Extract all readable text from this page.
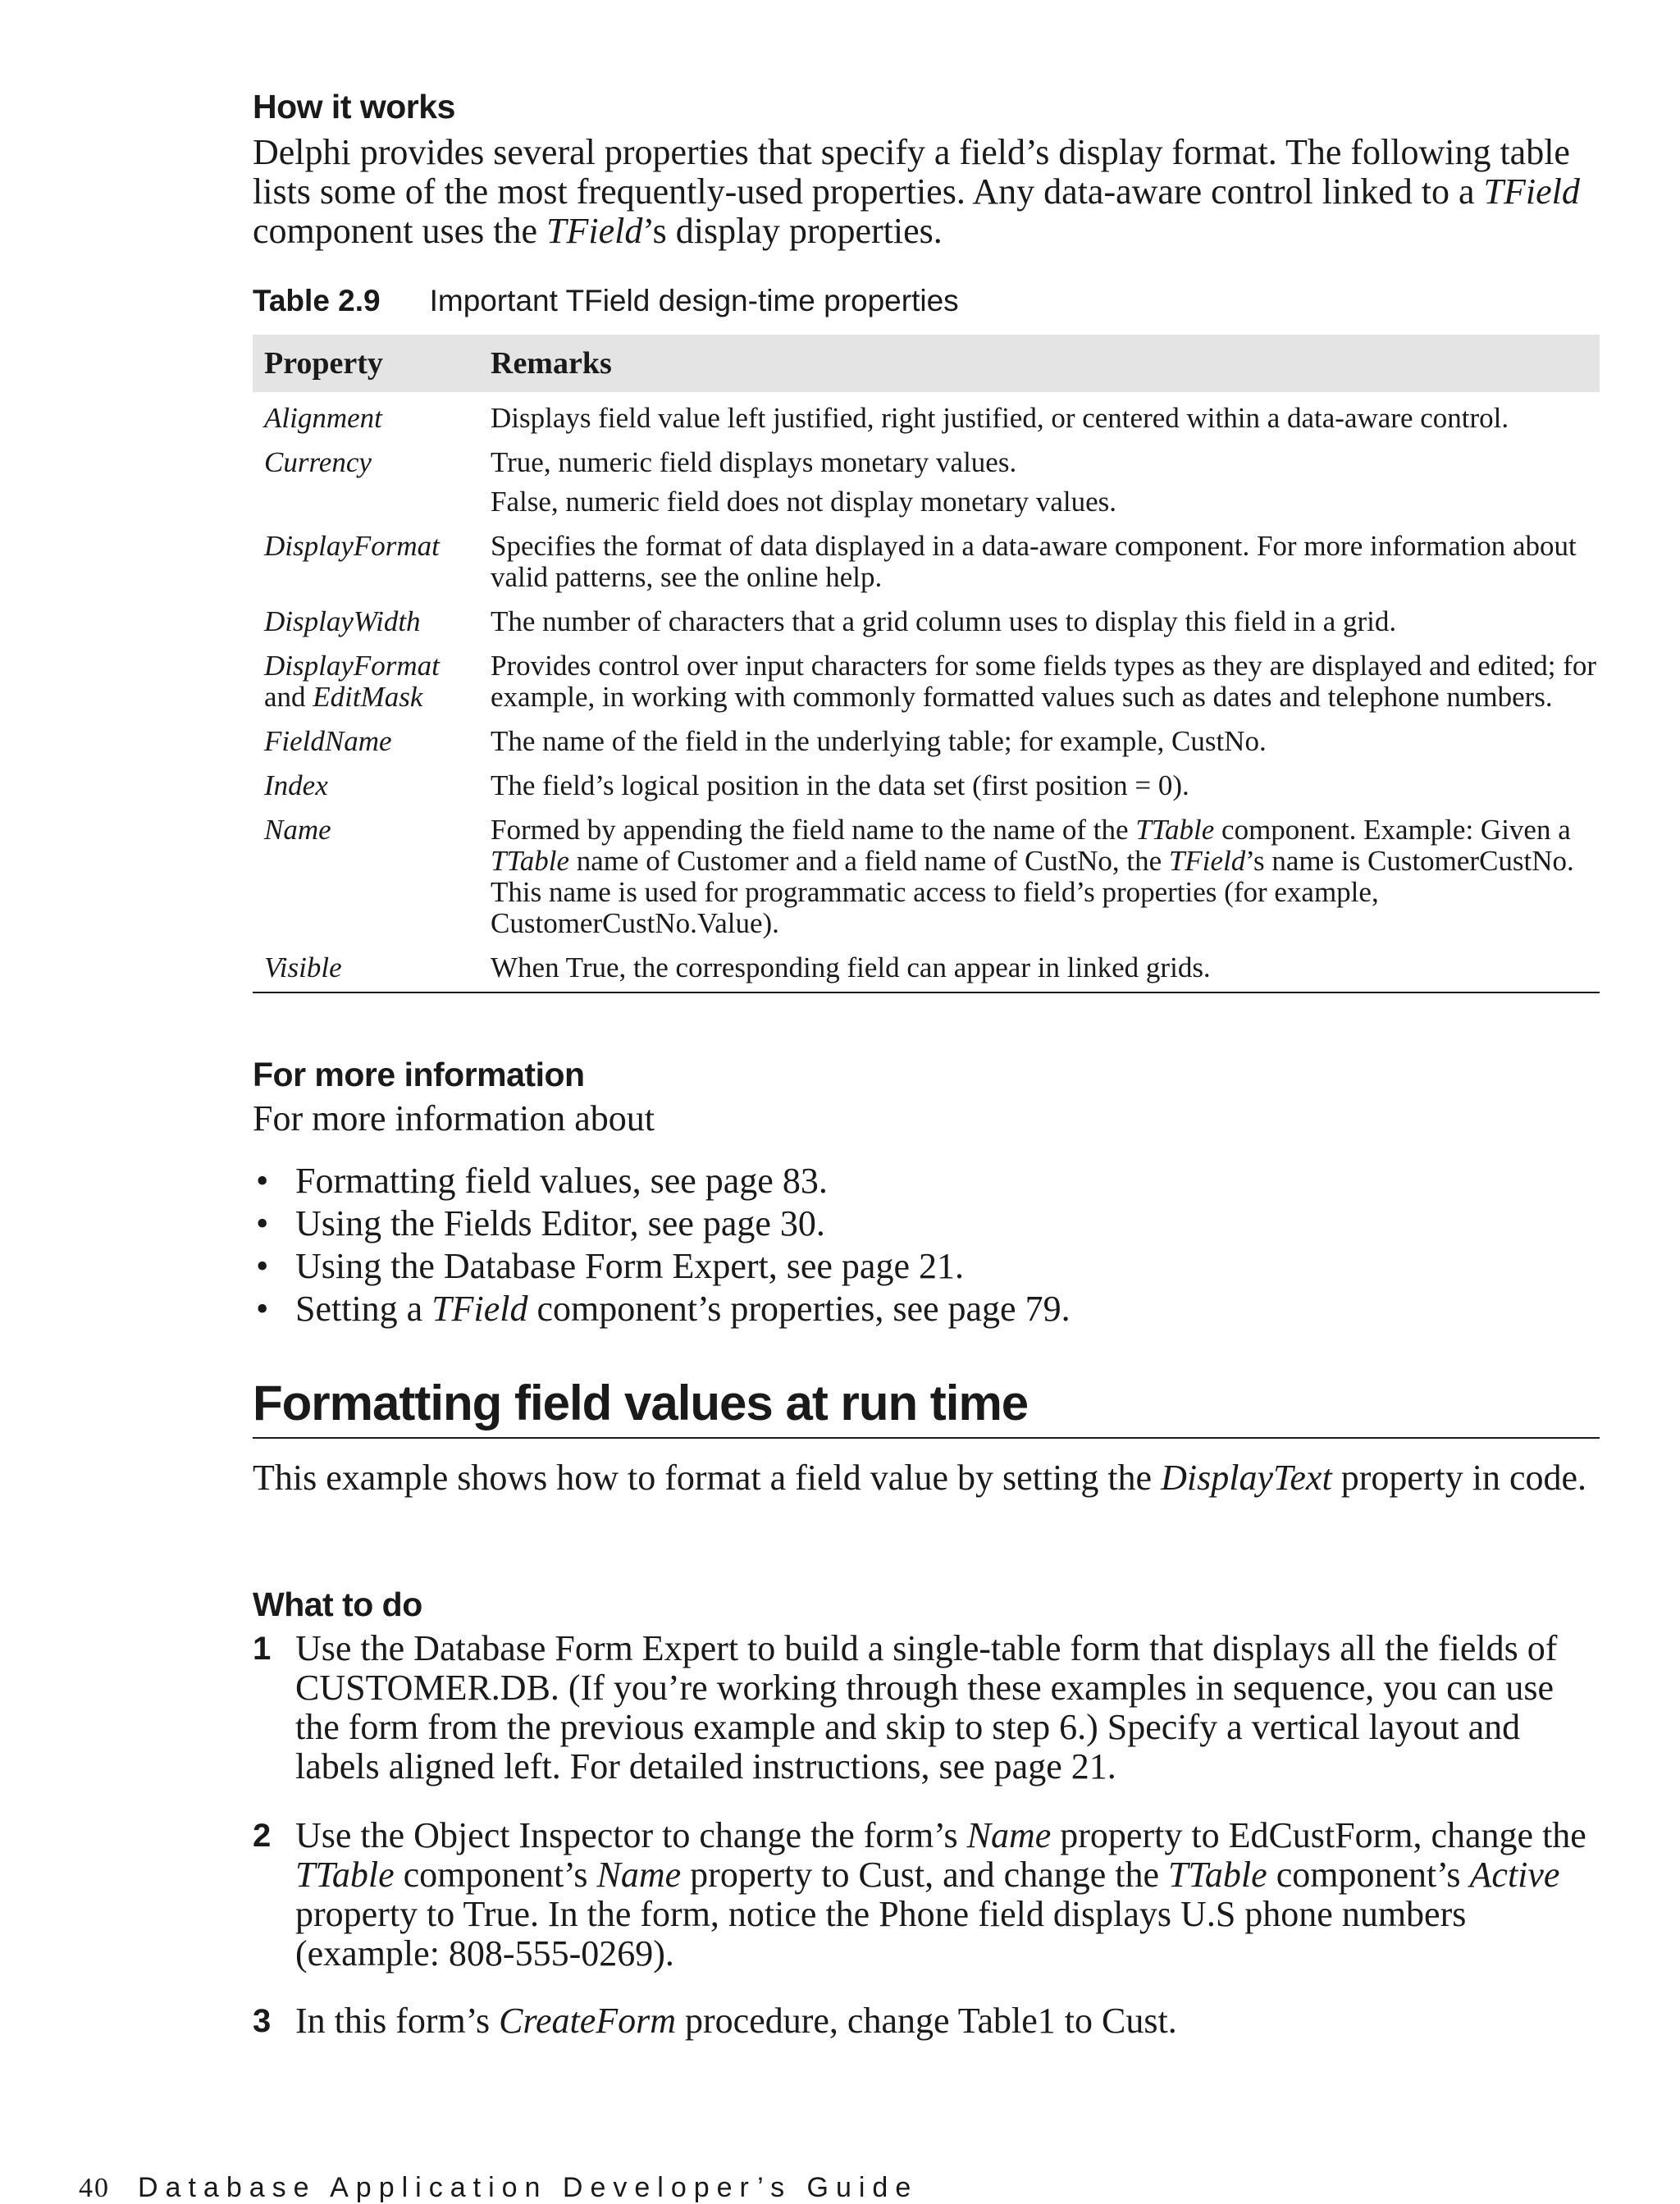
How it works
Delphi provides several properties that specify a field’s display format. The following table lists some of the most frequently-used properties. Any data-aware control linked to a TField component uses the TField’s display properties.
Table 2.9 Important TField design-time properties
Property	Remarks
Alignment	Displays field value left justified, right justified, or centered within a data-aware control.
Currency	True, numeric field displays monetary values.
False, numeric field does not display monetary values.

DisplayFormat	Specifies the format of data displayed in a data-aware component. For more information about valid patterns, see the online help.
DisplayWidth	The number of characters that a grid column uses to display this field in a grid.
DisplayFormat
and EditMask	Provides control over input characters for some fields types as they are displayed and edited; for example, in working with commonly formatted values such as dates and telephone numbers.
FieldName	The name of the field in the underlying table; for example, CustNo.
Index	The field’s logical position in the data set (first position = 0).
Name	Formed by appending the field name to the name of the TTable component. Example: Given a TTable name of Customer and a field name of CustNo, the TField’s name is CustomerCustNo. This name is used for programmatic access to field’s properties (for example, CustomerCustNo.Value).
Visible	When True, the corresponding field can appear in linked grids.
For more information
For more information about
• Formatting field values, see page 83.
• Using the Fields Editor, see page 30.
• Using the Database Form Expert, see page 21.
• Setting a TField component’s properties, see page 79.
Formatting field values at run time
This example shows how to format a field value by setting the DisplayText property in code.
What to do
1 Use the Database Form Expert to build a single-table form that displays all the fields of CUSTOMER.DB. (If you’re working through these examples in sequence, you can use the form from the previous example and skip to step 6.) Specify a vertical layout and labels aligned left. For detailed instructions, see page 21.
2 Use the Object Inspector to change the form’s Name property to EdCustForm, change the TTable component’s Name property to Cust, and change the TTable component’s Active property to True. In the form, notice the Phone field displays U.S phone numbers (example: 808-555-0269).
3 In this form’s CreateForm procedure, change Table1 to Cust.
40 Database Application Developer’s Guide
